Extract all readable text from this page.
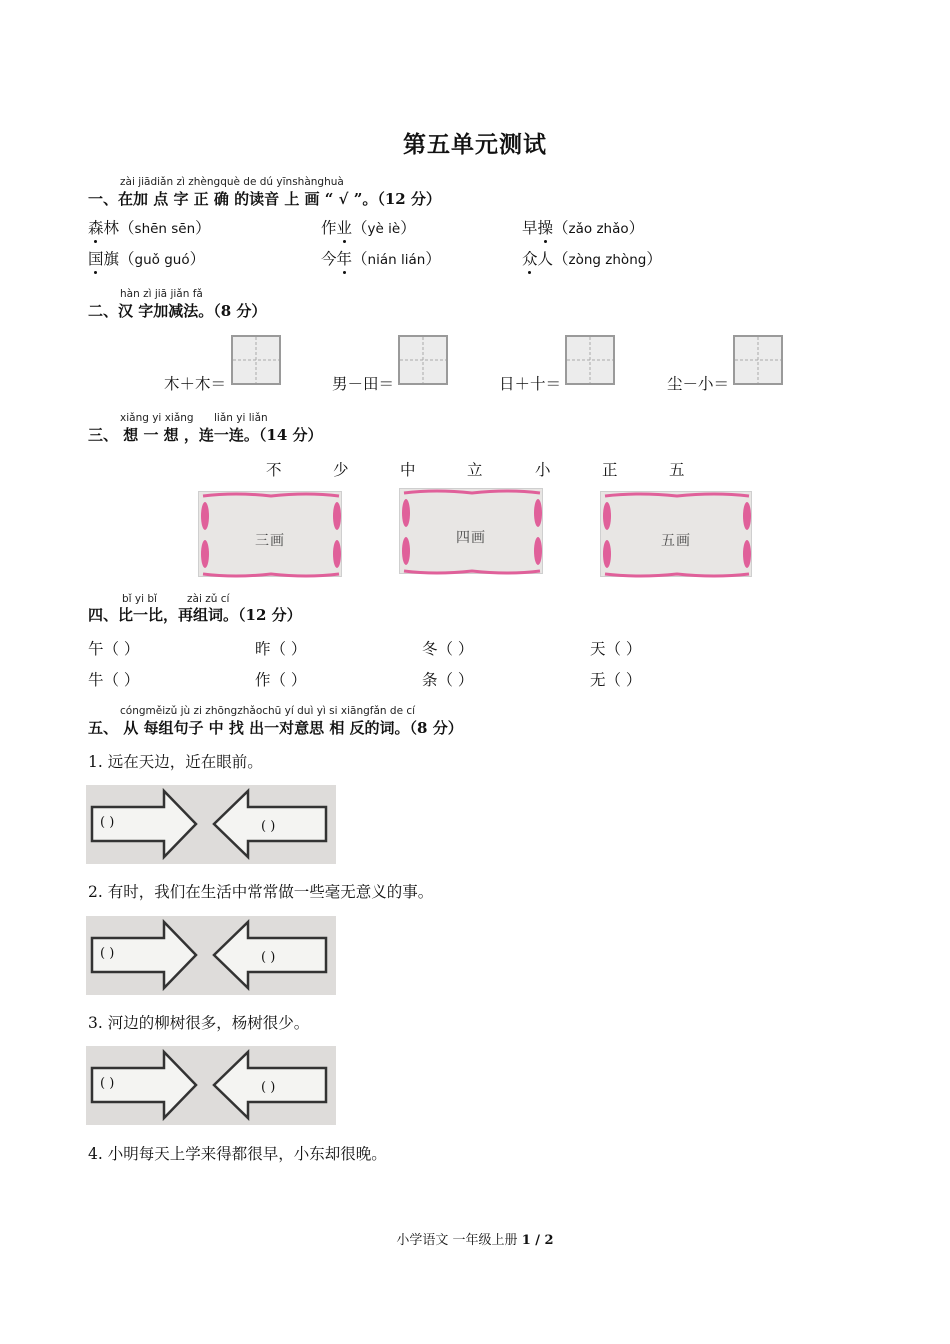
第五单元测试
zài jiādiǎn zì zhèngquè de dú yīnshànghuà
一、在加 点 字 正 确 的读音 上 画 “ √ ”。（12 分）
森林（shēn sēn）	作业（yè iè）	早操（zǎo zhǎo）
国旗（guǒ guó）	今年（nián lián）	众人（zòng zhòng）
hàn zì jiā jiǎn fǎ
二、汉 字加减法。（8 分）
木＋木＝	男－田＝	日＋十＝	尘－小＝
xiǎng yi xiǎng liǎn yi liǎn
三、 想 一 想 ，连一连。（14 分）
不	少	中	立	小	正	五
三画	四画	五画
bǐ yi bǐ	zài zǔ cí
四、比一比，再组词。（12 分）
午（ ）	昨（ ）	冬（ ）	天（ ）
牛（ ）	作（ ）	条（ ）	无（ ）
cóngměizǔ jù zi zhōngzhǎochū yí duì yì si xiāngfǎn de cí
五、 从 每组句子 中 找 出一对意思 相 反的词。（8 分）
1. 远在天边，近在眼前。
( )	( )
2. 有时，我们在生活中常常做一些毫无意义的事。
( )	( )
3. 河边的柳树很多，杨树很少。
( )	( )
4. 小明每天上学来得都很早，小东却很晚。
小学语文 一年级上册 1 / 2
